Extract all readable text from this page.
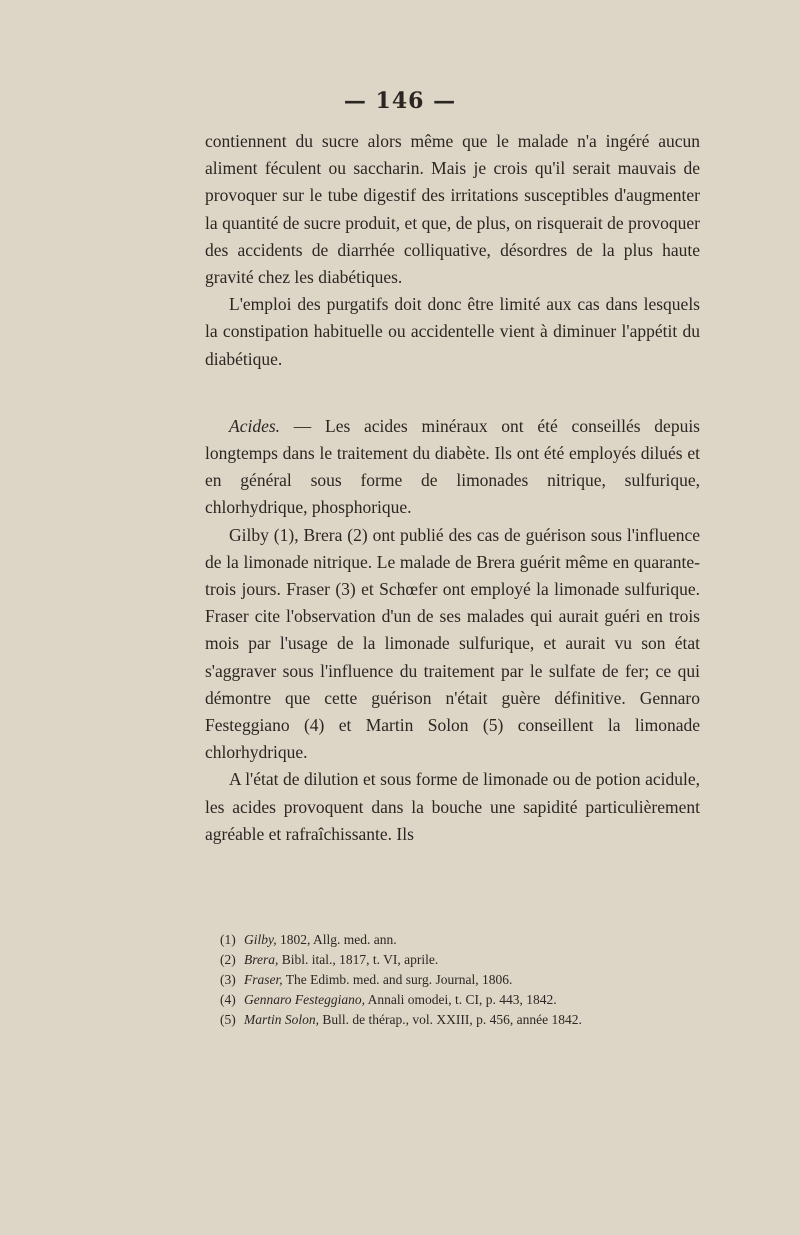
— 146 —

contiennent du sucre alors même que le malade n'a ingéré aucun aliment féculent ou saccharin. Mais je crois qu'il serait mauvais de provoquer sur le tube digestif des irritations susceptibles d'augmenter la quantité de sucre produit, et que, de plus, on risquerait de provoquer des accidents de diarrhée colliquative, désordres de la plus haute gravité chez les diabétiques.

L'emploi des purgatifs doit donc être limité aux cas dans lesquels la constipation habituelle ou accidentelle vient à diminuer l'appétit du diabétique.

Acides. — Les acides minéraux ont été conseillés depuis longtemps dans le traitement du diabète. Ils ont été employés dilués et en général sous forme de limonades nitrique, sulfurique, chlorhydrique, phosphorique.

Gilby (1), Brera (2) ont publié des cas de guérison sous l'influence de la limonade nitrique. Le malade de Brera guérit même en quarante-trois jours. Fraser (3) et Schœfer ont employé la limonade sulfurique. Fraser cite l'observation d'un de ses malades qui aurait guéri en trois mois par l'usage de la limonade sulfurique, et aurait vu son état s'aggraver sous l'influence du traitement par le sulfate de fer; ce qui démontre que cette guérison n'était guère définitive. Gennaro Festeggiano (4) et Martin Solon (5) conseillent la limonade chlorhydrique.

A l'état de dilution et sous forme de limonade ou de potion acidule, les acides provoquent dans la bouche une sapidité particulièrement agréable et rafraîchissante. Ils

(1) Gilby, 1802, Allg. med. ann.
(2) Brera, Bibl. ital., 1817, t. VI, aprile.
(3) Fraser, The Edimb. med. and surg. Journal, 1806.
(4) Gennaro Festeggiano, Annali omodei, t. CI, p. 443, 1842.
(5) Martin Solon, Bull. de thérap., vol. XXIII, p. 456, année 1842.
